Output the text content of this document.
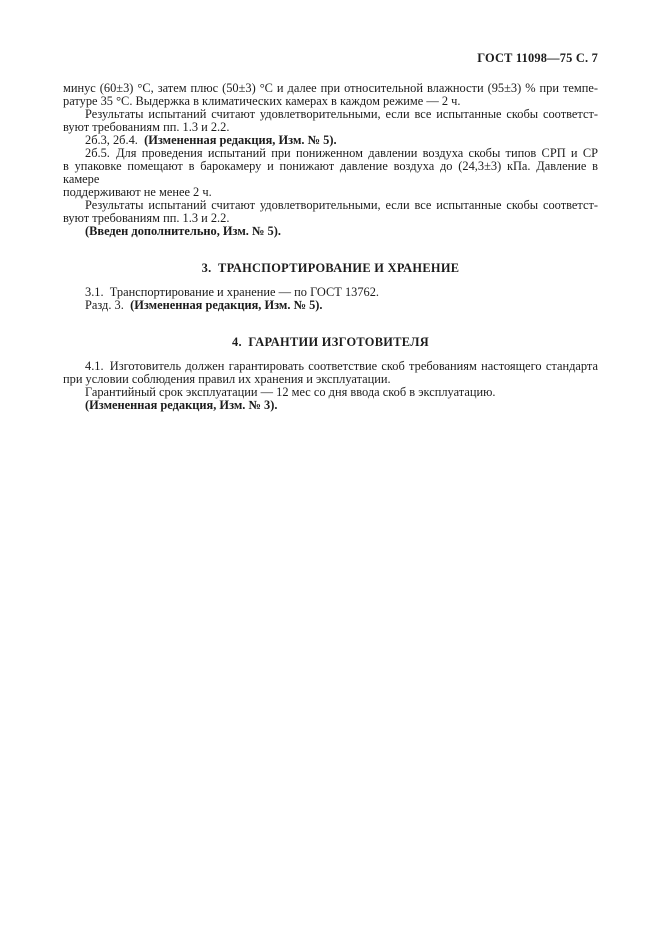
ГОСТ 11098—75 С. 7
минус (60±3) °С, затем плюс (50±3) °С и далее при относительной влажности (95±3) % при темпе-
ратуре 35 °С. Выдержка в климатических камерах в каждом режиме — 2 ч.
Результаты испытаний считают удовлетворительными, если все испытанные скобы соответст-
вуют требованиям пп. 1.3 и 2.2.
2б.3, 2б.4. (Измененная редакция, Изм. № 5).
2б.5. Для проведения испытаний при пониженном давлении воздуха скобы типов СРП и СР
в упаковке помещают в барокамеру и понижают давление воздуха до (24,3±3) кПа. Давление в камере
поддерживают не менее 2 ч.
Результаты испытаний считают удовлетворительными, если все испытанные скобы соответст-
вуют требованиям пп. 1.3 и 2.2.
(Введен дополнительно, Изм. № 5).
3. ТРАНСПОРТИРОВАНИЕ И ХРАНЕНИЕ
3.1. Транспортирование и хранение — по ГОСТ 13762.
Разд. 3. (Измененная редакция, Изм. № 5).
4. ГАРАНТИИ ИЗГОТОВИТЕЛЯ
4.1. Изготовитель должен гарантировать соответствие скоб требованиям настоящего стандарта
при условии соблюдения правил их хранения и эксплуатации.
Гарантийный срок эксплуатации — 12 мес со дня ввода скоб в эксплуатацию.
(Измененная редакция, Изм. № 3).
